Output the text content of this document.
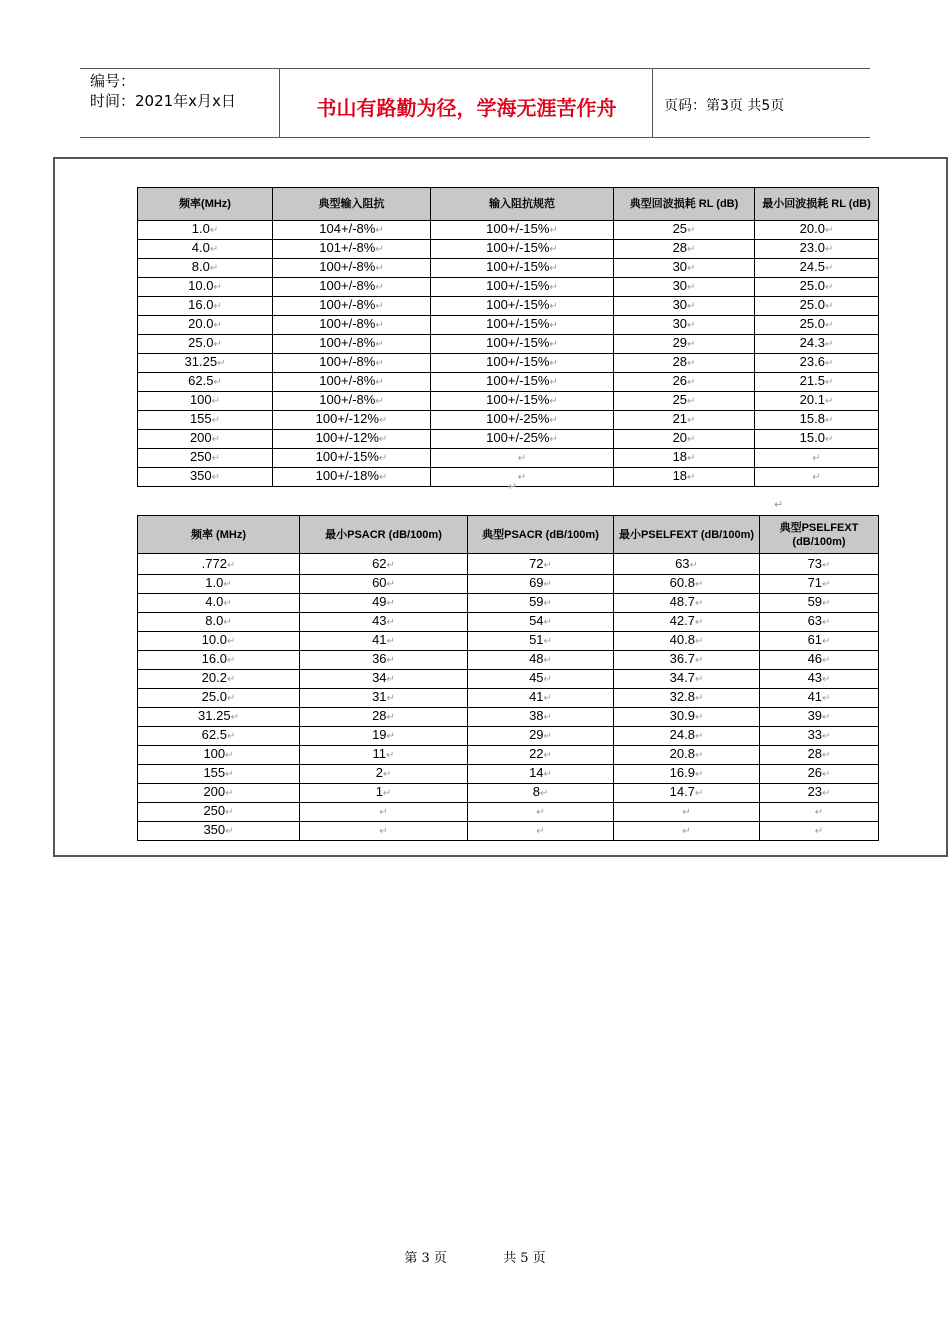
编号：
时间：2021年x月x日	书山有路勤为径，学海无涯苦作舟	页码：第3页 共5页
频率(MHz)	典型输入阻抗	输入阻抗规范	典型回波损耗 RL (dB)	最小回波损耗 RL (dB)
1.0↵	104+/-8%↵	100+/-15%↵	25↵	20.0↵
4.0↵	101+/-8%↵	100+/-15%↵	28↵	23.0↵
8.0↵	100+/-8%↵	100+/-15%↵	30↵	24.5↵
10.0↵	100+/-8%↵	100+/-15%↵	30↵	25.0↵
16.0↵	100+/-8%↵	100+/-15%↵	30↵	25.0↵
20.0↵	100+/-8%↵	100+/-15%↵	30↵	25.0↵
25.0↵	100+/-8%↵	100+/-15%↵	29↵	24.3↵
31.25↵	100+/-8%↵	100+/-15%↵	28↵	23.6↵
62.5↵	100+/-8%↵	100+/-15%↵	26↵	21.5↵
100↵	100+/-8%↵	100+/-15%↵	25↵	20.1↵
155↵	100+/-12%↵	100+/-25%↵	21↵	15.8↵
200↵	100+/-12%↵	100+/-25%↵	20↵	15.0↵
250↵	100+/-15%↵	↵	18↵	↵
350↵	100+/-18%↵	↵	18↵	↵
↵
↵
频率 (MHz)	最小PSACR (dB/100m)	典型PSACR (dB/100m)	最小PSELFEXT (dB/100m)	典型PSELFEXT (dB/100m)
.772↵	62↵	72↵	63↵	73↵
1.0↵	60↵	69↵	60.8↵	71↵
4.0↵	49↵	59↵	48.7↵	59↵
8.0↵	43↵	54↵	42.7↵	63↵
10.0↵	41↵	51↵	40.8↵	61↵
16.0↵	36↵	48↵	36.7↵	46↵
20.2↵	34↵	45↵	34.7↵	43↵
25.0↵	31↵	41↵	32.8↵	41↵
31.25↵	28↵	38↵	30.9↵	39↵
62.5↵	19↵	29↵	24.8↵	33↵
100↵	11↵	22↵	20.8↵	28↵
155↵	2↵	14↵	16.9↵	26↵
200↵	1↵	8↵	14.7↵	23↵
250↵	↵	↵	↵	↵
350↵	↵	↵	↵	↵
第 3 页	共 5 页
